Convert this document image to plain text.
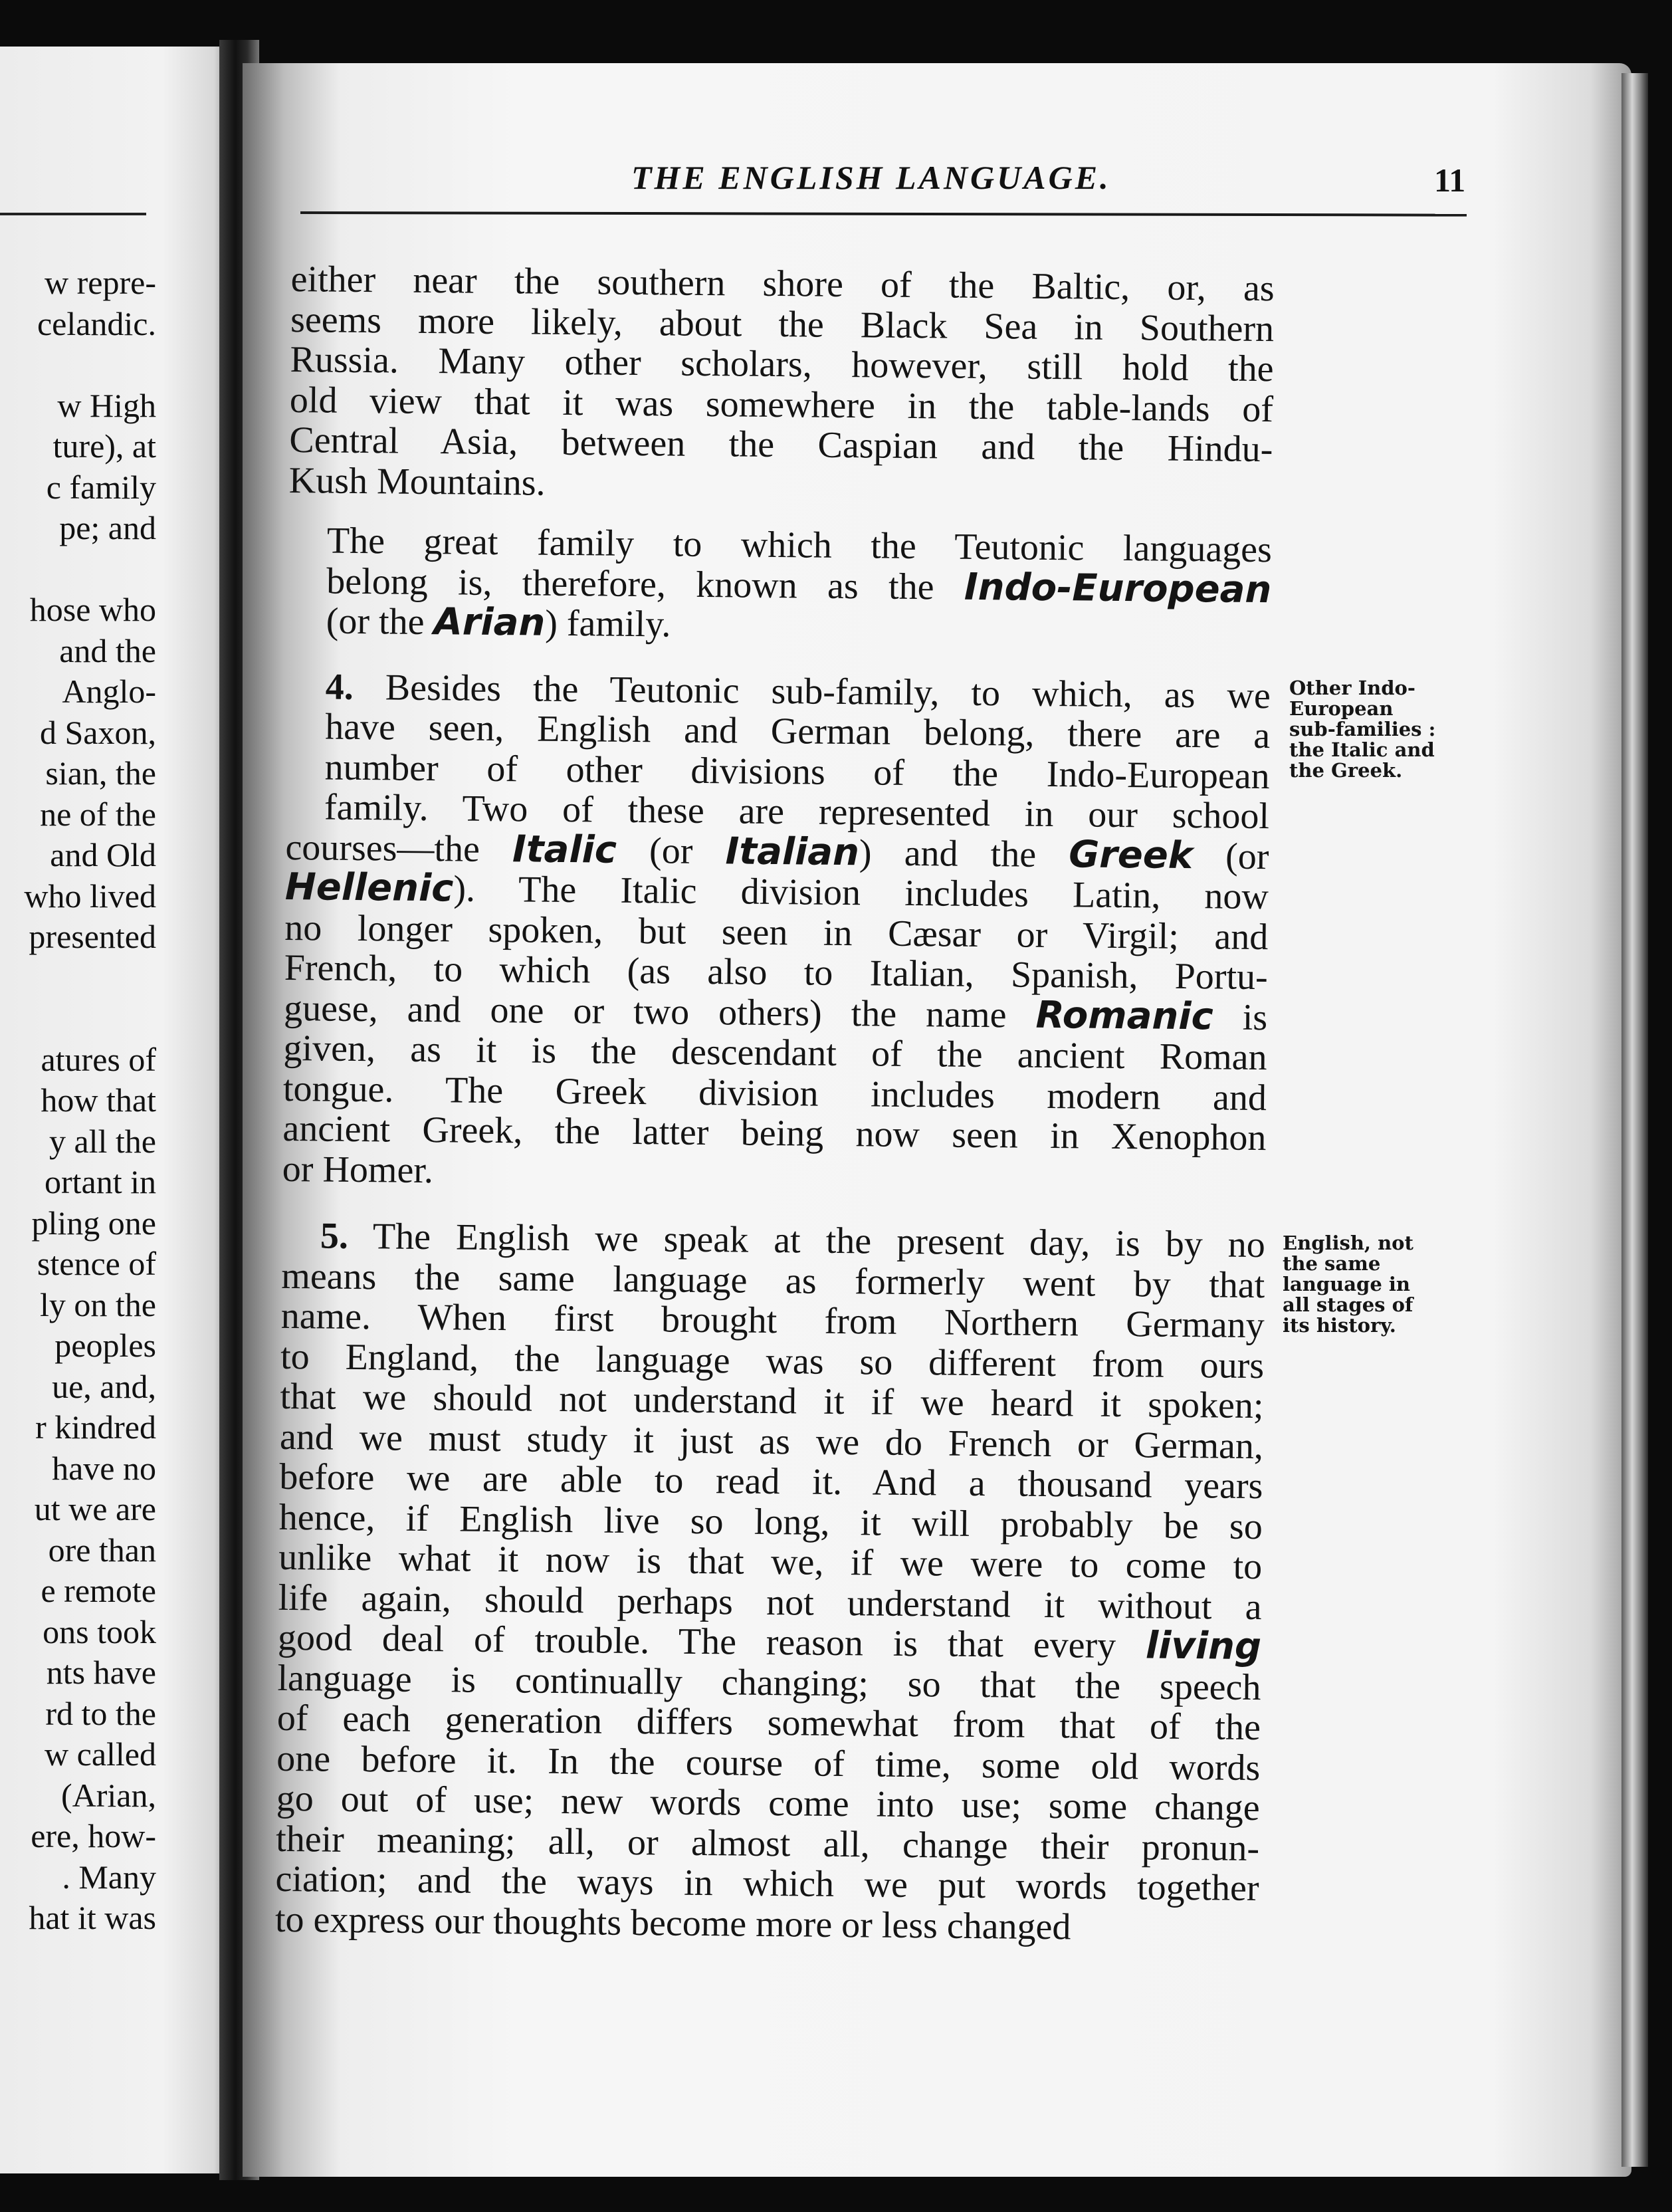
w repre-
celandic.
w High
ture), at
c family
pe; and
hose who
and the
Anglo-
d Saxon,
sian, the
ne of the
and Old
who lived
presented
atures of
how that
y all the
ortant in
pling one
stence of
ly on the
peoples
ue, and,
r kindred
have no
ut we are
ore than
e remote
ons took
nts have
rd to the
w called
(Arian,
ere, how-
. Many
hat it was
THE ENGLISH LANGUAGE.	11

either near the southern shore of the Baltic, or, as
seems more likely, about the Black Sea in Southern
Russia. Many other scholars, however, still hold the
old view that it was somewhere in the table-lands of
Central Asia, between the Caspian and the Hindu-
Kush Mountains.

The great family to which the Teutonic languages
belong is, therefore, known as the Indo-European
(or the Arian) family.

4. Besides the Teutonic sub-family, to which, as we
have seen, English and German belong, there are a
number of other divisions of the Indo-European
family. Two of these are represented in our school
courses—the Italic (or Italian) and the Greek (or
Hellenic). The Italic division includes Latin, now
no longer spoken, but seen in Cæsar or Virgil; and
French, to which (as also to Italian, Spanish, Portu-
guese, and one or two others) the name Romanic is
given, as it is the descendant of the ancient Roman
tongue. The Greek division includes modern and
ancient Greek, the latter being now seen in Xenophon
or Homer.

5. The English we speak at the present day, is by no
means the same language as formerly went by that
name. When first brought from Northern Germany
to England, the language was so different from ours
that we should not understand it if we heard it spoken;
and we must study it just as we do French or German,
before we are able to read it. And a thousand years
hence, if English live so long, it will probably be so
unlike what it now is that we, if we were to come to
life again, should perhaps not understand it without a
good deal of trouble. The reason is that every living
language is continually changing; so that the speech
of each generation differs somewhat from that of the
one before it. In the course of time, some old words
go out of use; new words come into use; some change
their meaning; all, or almost all, change their pronun-
ciation; and the ways in which we put words together
to express our thoughts become more or less changed

Other Indo-
European
sub-families :
the Italic and
the Greek.
English, not
the same
language in
all stages of
its history.
